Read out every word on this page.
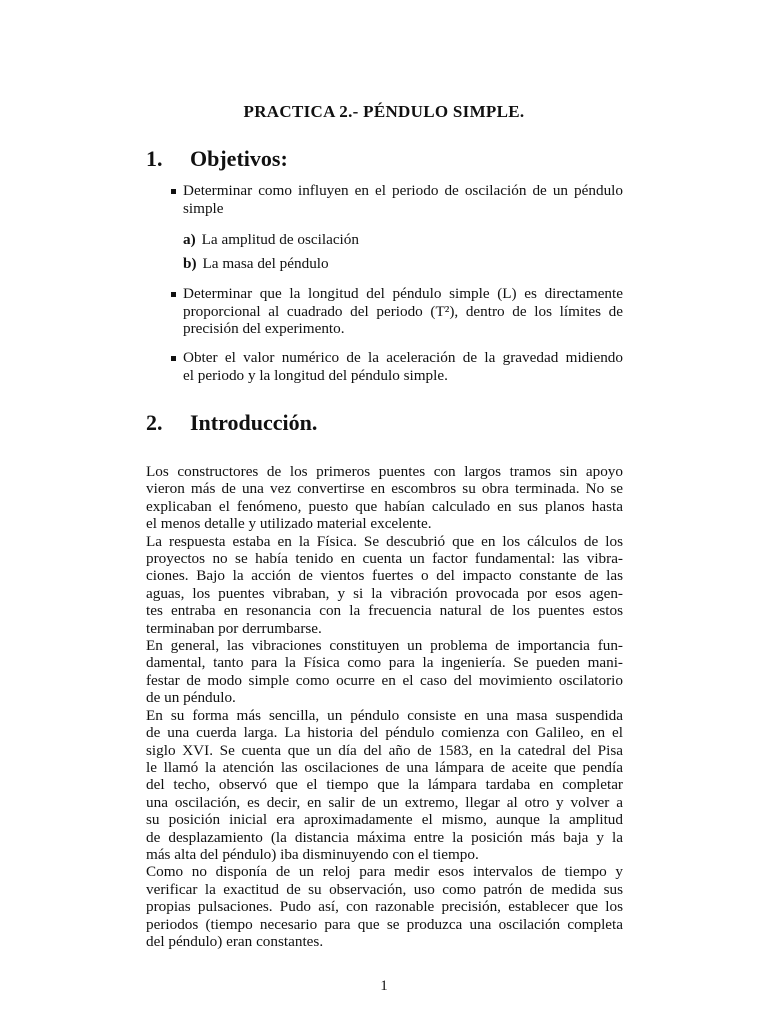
PRACTICA 2.- PÉNDULO SIMPLE.
1. Objetivos:
Determinar como influyen en el periodo de oscilación de un péndulo
simple
a) La amplitud de oscilación
b) La masa del péndulo
Determinar que la longitud del péndulo simple (L) es directamente
proporcional al cuadrado del periodo (T²), dentro de los límites de
precisión del experimento.
Obter el valor numérico de la aceleración de la gravedad midiendo
el periodo y la longitud del péndulo simple.
2. Introducción.
Los constructores de los primeros puentes con largos tramos sin apoyo
vieron más de una vez convertirse en escombros su obra terminada. No se
explicaban el fenómeno, puesto que habían calculado en sus planos hasta
el menos detalle y utilizado material excelente.
La respuesta estaba en la Física. Se descubrió que en los cálculos de los
proyectos no se había tenido en cuenta un factor fundamental: las vibra-
ciones. Bajo la acción de vientos fuertes o del impacto constante de las
aguas, los puentes vibraban, y si la vibración provocada por esos agen-
tes entraba en resonancia con la frecuencia natural de los puentes estos
terminaban por derrumbarse.
En general, las vibraciones constituyen un problema de importancia fun-
damental, tanto para la Física como para la ingeniería. Se pueden mani-
festar de modo simple como ocurre en el caso del movimiento oscilatorio
de un péndulo.
En su forma más sencilla, un péndulo consiste en una masa suspendida
de una cuerda larga. La historia del péndulo comienza con Galileo, en el
siglo XVI. Se cuenta que un día del año de 1583, en la catedral del Pisa
le llamó la atención las oscilaciones de una lámpara de aceite que pendía
del techo, observó que el tiempo que la lámpara tardaba en completar
una oscilación, es decir, en salir de un extremo, llegar al otro y volver a
su posición inicial era aproximadamente el mismo, aunque la amplitud
de desplazamiento (la distancia máxima entre la posición más baja y la
más alta del péndulo) iba disminuyendo con el tiempo.
Como no disponía de un reloj para medir esos intervalos de tiempo y
verificar la exactitud de su observación, uso como patrón de medida sus
propias pulsaciones. Pudo así, con razonable precisión, establecer que los
periodos (tiempo necesario para que se produzca una oscilación completa
del péndulo) eran constantes.
1
